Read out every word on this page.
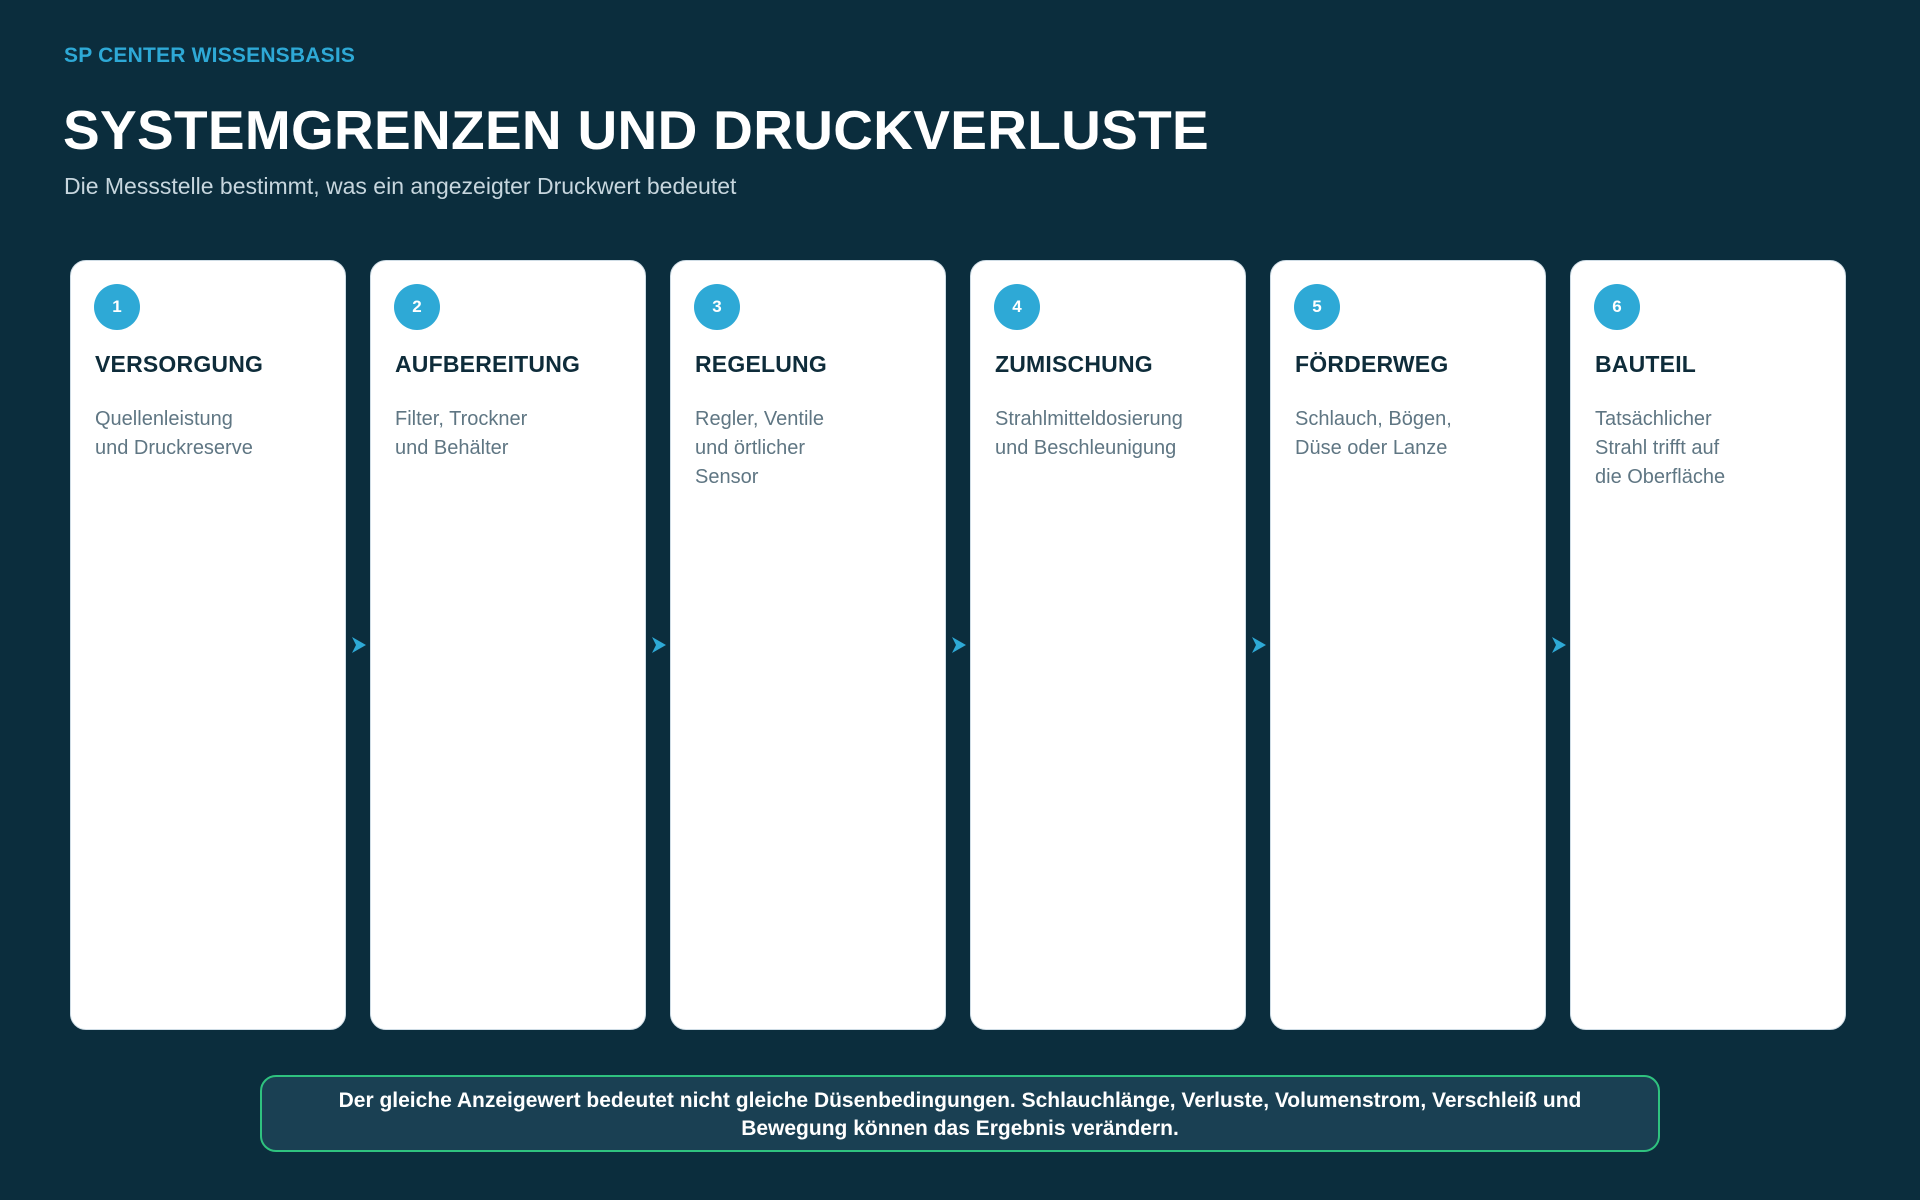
SP CENTER WISSENSBASIS
SYSTEMGRENZEN UND DRUCKVERLUSTE
Die Messstelle bestimmt, was ein angezeigter Druckwert bedeutet
1
VERSORGUNG
Quellenleistung
und Druckreserve
2
AUFBEREITUNG
Filter, Trockner
und Behälter
3
REGELUNG
Regler, Ventile
und örtlicher
Sensor
4
ZUMISCHUNG
Strahlmitteldosierung
und Beschleunigung
5
FÖRDERWEG
Schlauch, Bögen,
Düse oder Lanze
6
BAUTEIL
Tatsächlicher
Strahl trifft auf
die Oberfläche
Der gleiche Anzeigewert bedeutet nicht gleiche Düsenbedingungen. Schlauchlänge, Verluste, Volumenstrom, Verschleiß und Bewegung können das Ergebnis verändern.
